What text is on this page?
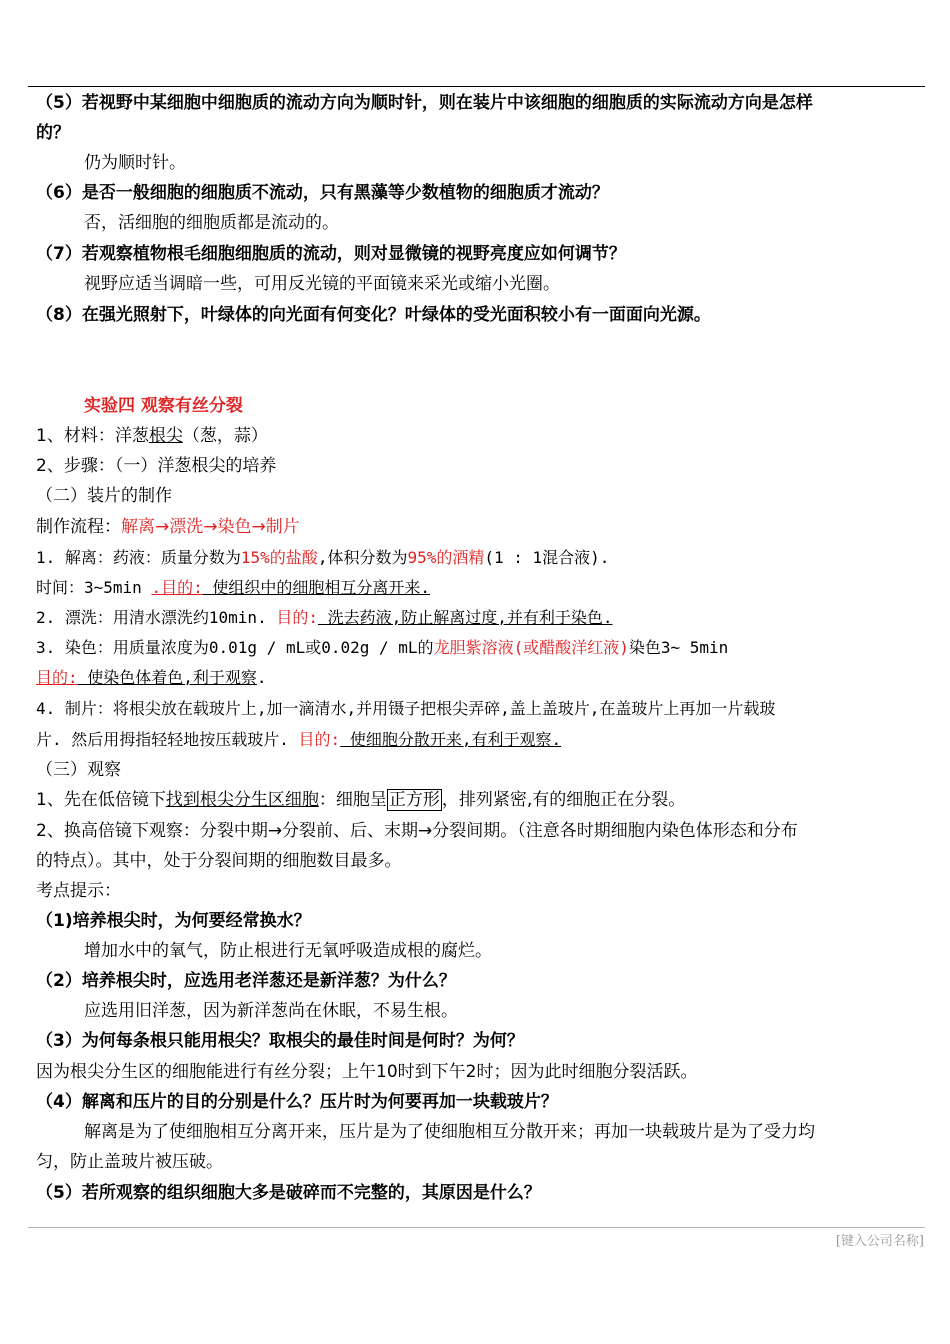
（5）若视野中某细胞中细胞质的流动方向为顺时针，则在装片中该细胞的细胞质的实际流动方向是怎样
的？
仍为顺时针。
（6）是否一般细胞的细胞质不流动，只有黑藻等少数植物的细胞质才流动？
否，活细胞的细胞质都是流动的。
（7）若观察植物根毛细胞细胞质的流动，则对显微镜的视野亮度应如何调节？
视野应适当调暗一些，可用反光镜的平面镜来采光或缩小光圈。
（8）在强光照射下，叶绿体的向光面有何变化？叶绿体的受光面积较小有一面面向光源。
实验四 观察有丝分裂
1、材料：洋葱根尖（葱，蒜）
2、步骤：（一）洋葱根尖的培养
（二）装片的制作
制作流程：解离→漂洗→染色→制片
1. 解离：药液：质量分数为15%的盐酸,体积分数为95%的酒精(1 : 1混合液).
时间：3~5min .目的: 使组织中的细胞相互分离开来.
2. 漂洗：用清水漂洗约10min. 目的: 洗去药液,防止解离过度,并有利于染色.
3. 染色：用质量浓度为0.01g / mL或0.02g / mL的龙胆紫溶液(或醋酸洋红液)染色3~ 5min
目的: 使染色体着色,利于观察.
4. 制片：将根尖放在载玻片上,加一滴清水,并用镊子把根尖弄碎,盖上盖玻片,在盖玻片上再加一片载玻
片. 然后用拇指轻轻地按压载玻片. 目的: 使细胞分散开来,有利于观察.
（三）观察
1、先在低倍镜下找到根尖分生区细胞：细胞呈 正方形 ，排列紧密,有的细胞正在分裂。
2、换高倍镜下观察：分裂中期→分裂前、后、末期→分裂间期。（注意各时期细胞内染色体形态和分布
的特点）。其中，处于分裂间期的细胞数目最多。
考点提示：
（1)培养根尖时，为何要经常换水？
增加水中的氧气，防止根进行无氧呼吸造成根的腐烂。
（2）培养根尖时，应选用老洋葱还是新洋葱？为什么？
应选用旧洋葱，因为新洋葱尚在休眠，不易生根。
（3）为何每条根只能用根尖？取根尖的最佳时间是何时？为何？
因为根尖分生区的细胞能进行有丝分裂；上午10时到下午2时；因为此时细胞分裂活跃。
（4）解离和压片的目的分别是什么？压片时为何要再加一块载玻片？
解离是为了使细胞相互分离开来，压片是为了使细胞相互分散开来；再加一块载玻片是为了受力均
匀，防止盖玻片被压破。
（5）若所观察的组织细胞大多是破碎而不完整的，其原因是什么？
[键入公司名称]
